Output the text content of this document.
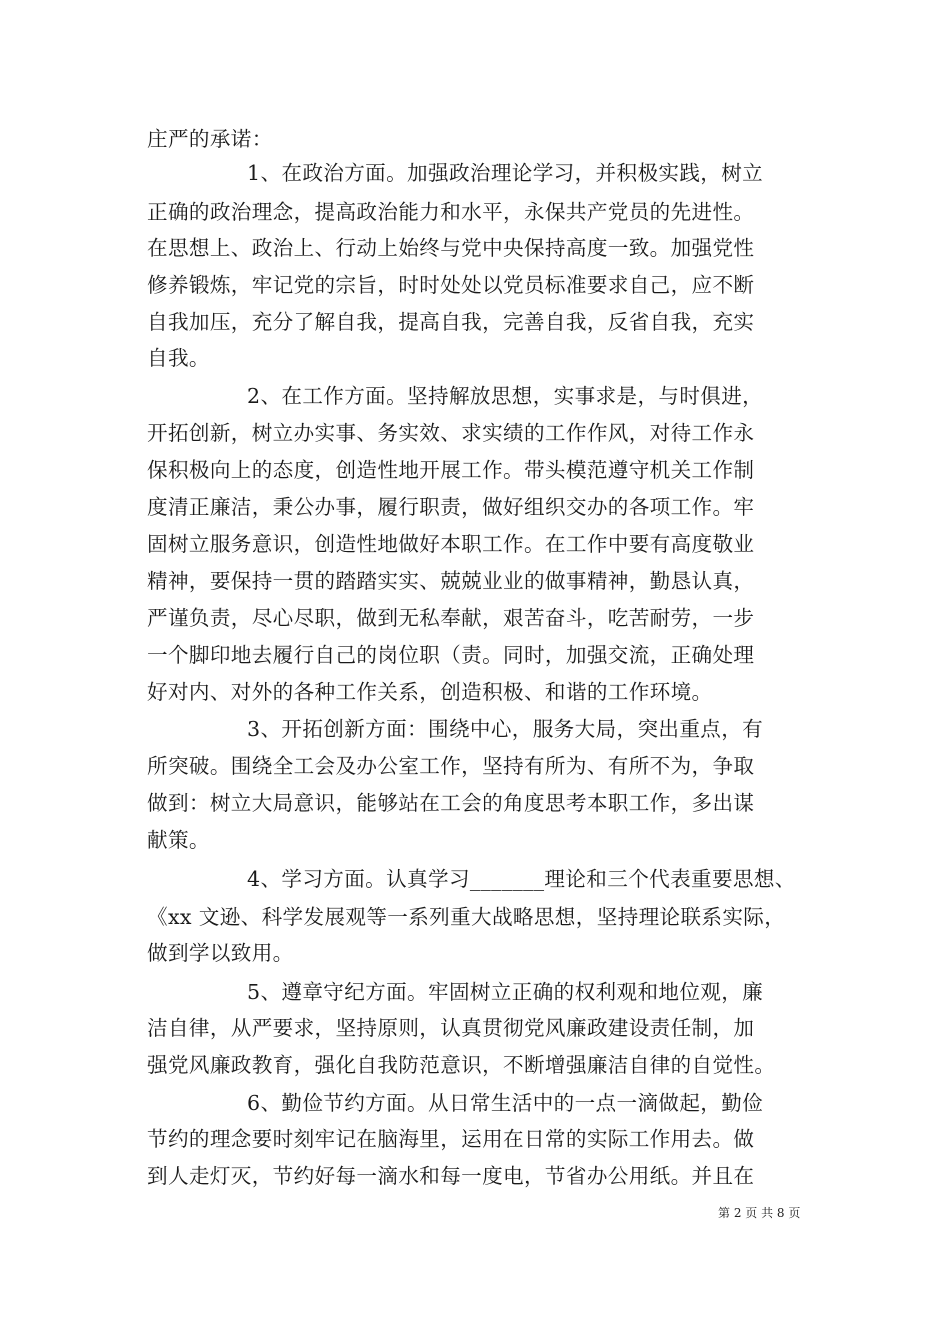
庄严的承诺：
1、在政治方面。加强政治理论学习，并积极实践，树立
正确的政治理念，提高政治能力和水平，永保共产党员的先进性。
在思想上、政治上、行动上始终与党中央保持高度一致。加强党性
修养锻炼，牢记党的宗旨，时时处处以党员标准要求自己，应不断
自我加压，充分了解自我，提高自我，完善自我，反省自我，充实
自我。
2、在工作方面。坚持解放思想，实事求是，与时俱进，
开拓创新，树立办实事、务实效、求实绩的工作作风，对待工作永
保积极向上的态度，创造性地开展工作。带头模范遵守机关工作制
度清正廉洁，秉公办事，履行职责，做好组织交办的各项工作。牢
固树立服务意识，创造性地做好本职工作。在工作中要有高度敬业
精神，要保持一贯的踏踏实实、兢兢业业的做事精神，勤恳认真，
严谨负责，尽心尽职，做到无私奉献，艰苦奋斗，吃苦耐劳，一步
一个脚印地去履行自己的岗位职（责。同时，加强交流，正确处理
好对内、对外的各种工作关系，创造积极、和谐的工作环境。
3、开拓创新方面：围绕中心，服务大局，突出重点，有
所突破。围绕全工会及办公室工作，坚持有所为、有所不为，争取
做到：树立大局意识，能够站在工会的角度思考本职工作，多出谋
献策。
4、学习方面。认真学习_______理论和三个代表重要思想、
《xx 文逊、科学发展观等一系列重大战略思想，坚持理论联系实际，
做到学以致用。
5、遵章守纪方面。牢固树立正确的权利观和地位观，廉
洁自律，从严要求，坚持原则，认真贯彻党风廉政建设责任制，加
强党风廉政教育，强化自我防范意识，不断增强廉洁自律的自觉性。
6、勤俭节约方面。从日常生活中的一点一滴做起，勤俭
节约的理念要时刻牢记在脑海里，运用在日常的实际工作用去。做
到人走灯灭，节约好每一滴水和每一度电，节省办公用纸。并且在
第 2 页 共 8 页
